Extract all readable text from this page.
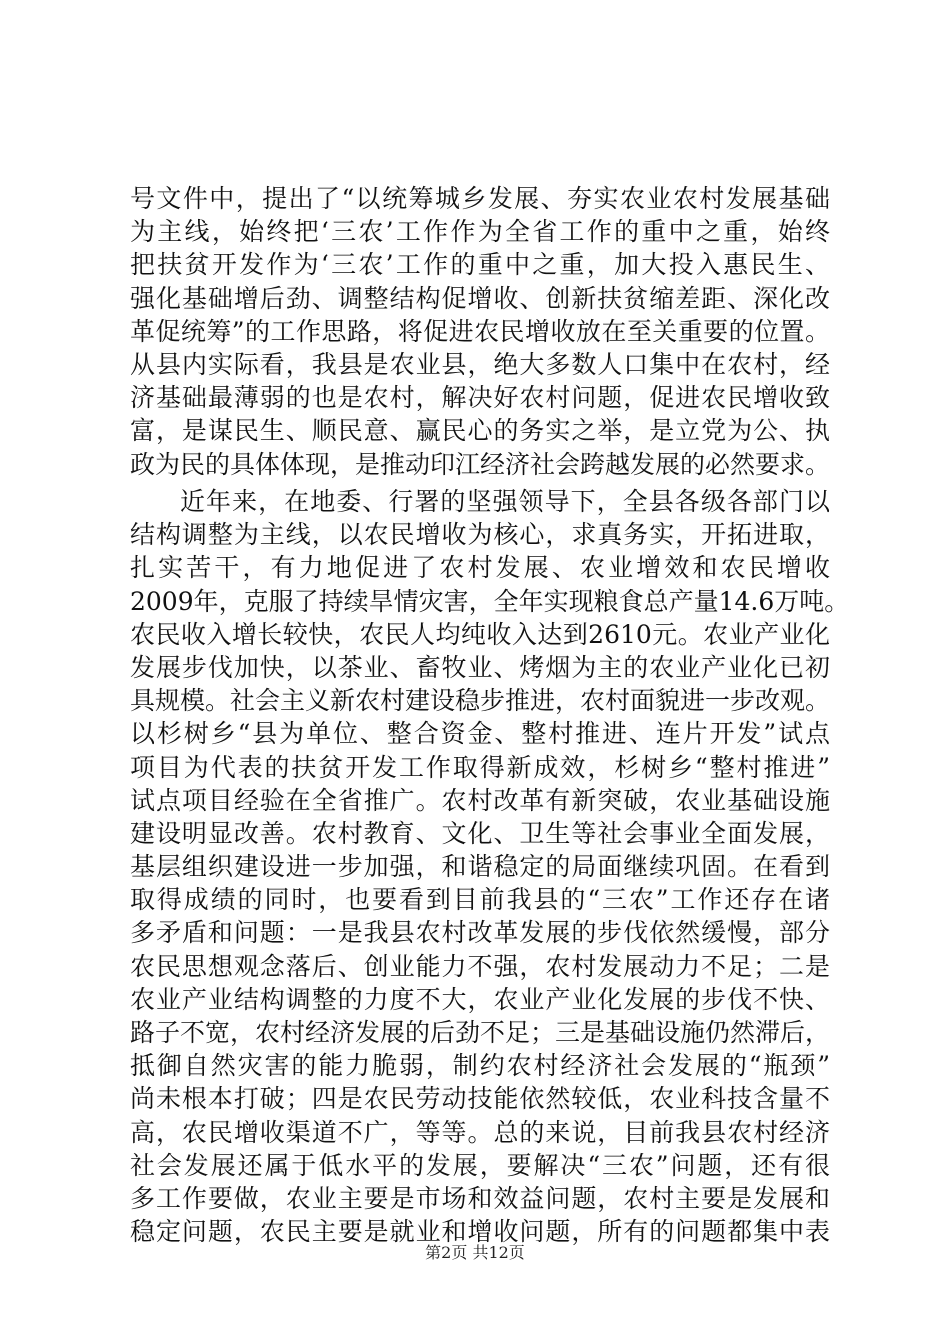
号文件中，提出了“以统筹城乡发展、夯实农业农村发展基础
为主线，始终把‘三农’工作作为全省工作的重中之重，始终
把扶贫开发作为‘三农’工作的重中之重，加大投入惠民生、
强化基础增后劲、调整结构促增收、创新扶贫缩差距、深化改
革促统筹”的工作思路，将促进农民增收放在至关重要的位置。
从县内实际看，我县是农业县，绝大多数人口集中在农村，经
济基础最薄弱的也是农村，解决好农村问题，促进农民增收致
富，是谋民生、顺民意、赢民心的务实之举，是立党为公、执
政为民的具体体现，是推动印江经济社会跨越发展的必然要求。
近年来，在地委、行署的坚强领导下，全县各级各部门以
结构调整为主线，以农民增收为核心，求真务实，开拓进取，
扎实苦干，有力地促进了农村发展、农业增效和农民增收
2009年，克服了持续旱情灾害，全年实现粮食总产量14.6万吨。
农民收入增长较快，农民人均纯收入达到2610元。农业产业化
发展步伐加快，以茶业、畜牧业、烤烟为主的农业产业化已初
具规模。社会主义新农村建设稳步推进，农村面貌进一步改观。
以杉树乡“县为单位、整合资金、整村推进、连片开发”试点
项目为代表的扶贫开发工作取得新成效，杉树乡“整村推进”
试点项目经验在全省推广。农村改革有新突破，农业基础设施
建设明显改善。农村教育、文化、卫生等社会事业全面发展，
基层组织建设进一步加强，和谐稳定的局面继续巩固。在看到
取得成绩的同时，也要看到目前我县的“三农”工作还存在诸
多矛盾和问题：一是我县农村改革发展的步伐依然缓慢，部分
农民思想观念落后、创业能力不强，农村发展动力不足；二是
农业产业结构调整的力度不大，农业产业化发展的步伐不快、
路子不宽，农村经济发展的后劲不足；三是基础设施仍然滞后，
抵御自然灾害的能力脆弱，制约农村经济社会发展的“瓶颈”
尚未根本打破；四是农民劳动技能依然较低，农业科技含量不
高，农民增收渠道不广，等等。总的来说，目前我县农村经济
社会发展还属于低水平的发展，要解决“三农”问题，还有很
多工作要做，农业主要是市场和效益问题，农村主要是发展和
稳定问题，农民主要是就业和增收问题，所有的问题都集中表
第2页 共12页
